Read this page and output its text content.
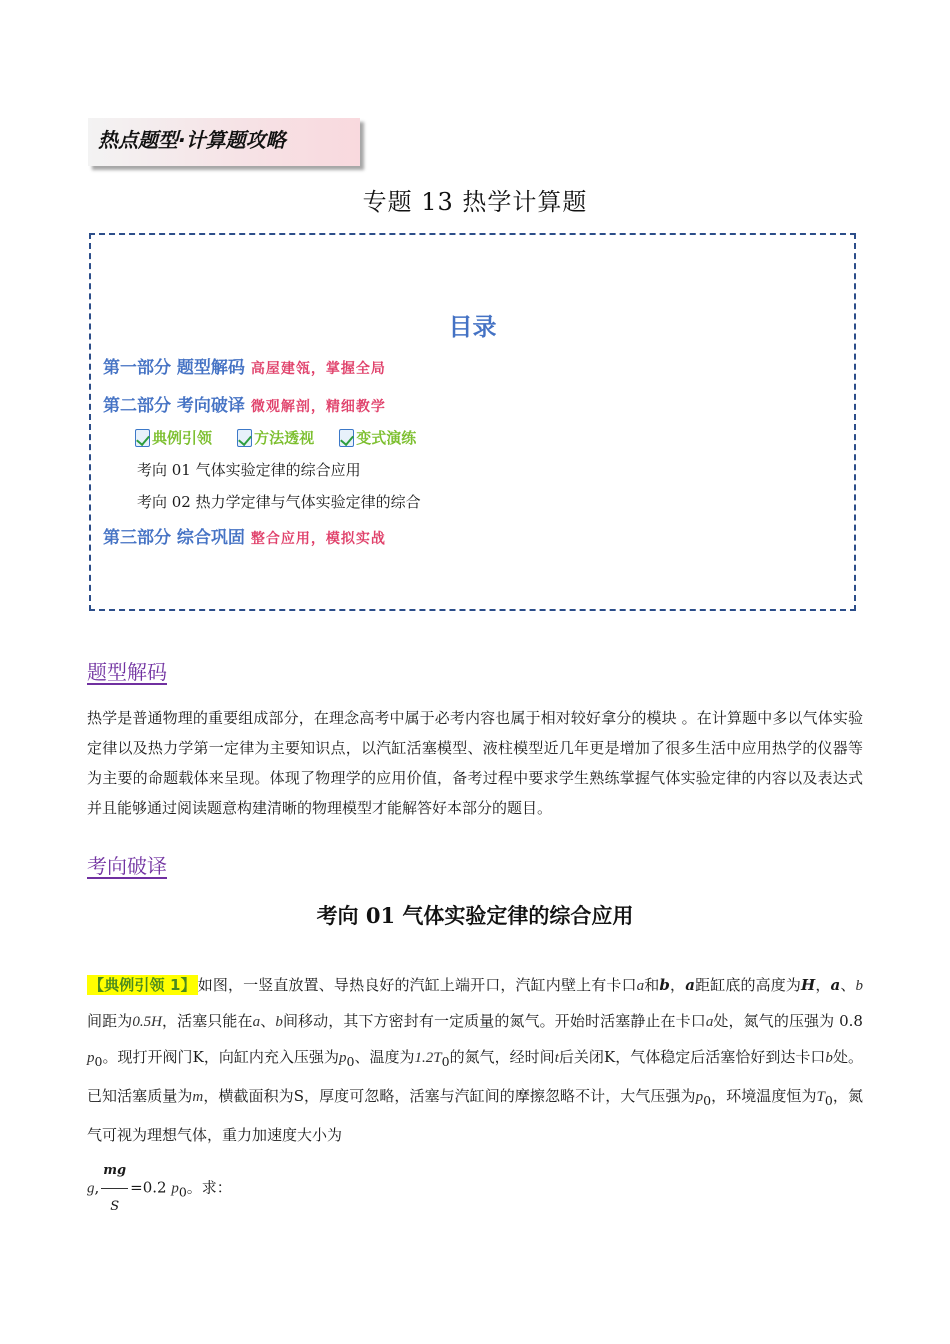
热点题型·计算题攻略
专题 13 热学计算题
目录
第一部分 题型解码 高屋建瓴，掌握全局
第二部分 考向破译 微观解剖，精细教学
典例引领
	方法透视
	变式演练
考向 01 气体实验定律的综合应用
考向 02 热力学定律与气体实验定律的综合
第三部分 综合巩固 整合应用，模拟实战
题型解码
热学是普通物理的重要组成部分，在理念高考中属于必考内容也属于相对较好拿分的模块 。在计算题中多以气体实验定律以及热力学第一定律为主要知识点，以汽缸活塞模型、液柱模型近几年更是增加了很多生活中应用热学的仪器等为主要的命题载体来呈现。体现了物理学的应用价值，备考过程中要求学生熟练掌握气体实验定律的内容以及表达式并且能够通过阅读题意构建清晰的物理模型才能解答好本部分的题目。
考向破译
考向 01 气体实验定律的综合应用
【典例引领 1】 如图，一竖直放置、导热良好的汽缸上端开口，汽缸内壁上有卡口a和b，a距缸底的高度为H，a、b间距为0.5H，活塞只能在a、b间移动，其下方密封有一定质量的氮气。开始时活塞静止在卡口a处，氮气的压强为 0.8 $p_0$。现打开阀门K，向缸内充入压强为$p_0$、温度为$1.2T_0$的氮气，经时间t后关闭K，气体稳定后活塞恰好到达卡口b处。已知活塞质量为m，横截面积为S，厚度可忽略，活塞与汽缸间的摩擦忽略不计，大气压强为$p_0$，环境温度恒为$T_0$，氮气可视为理想气体，重力加速度大小为
g, $\frac{mg}{S} =0.2$ $p_0$。求：
